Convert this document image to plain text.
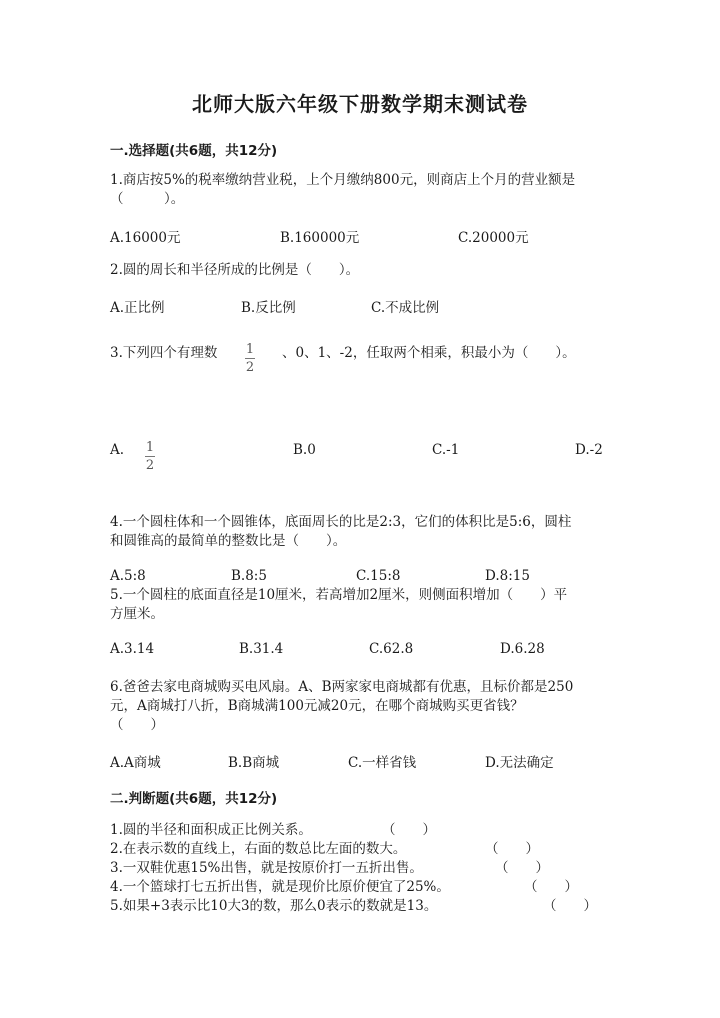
北师大版六年级下册数学期末测试卷
一.选择题(共6题，共12分)
1.商店按5%的税率缴纳营业税，上个月缴纳800元，则商店上个月的营业额是
（　　　）。
A.16000元	B.160000元	C.20000元
2.圆的周长和半径所成的比例是（　　）。
A.正比例	B.反比例	C.不成比例
3.下列四个有理数 $\frac{1}{2}$ 、0、1、-2，任取两个相乘，积最小为（　　）。
A. $\frac{1}{2}$	B.0	C.-1	D.-2
4.一个圆柱体和一个圆锥体，底面周长的比是2:3，它们的体积比是5:6，圆柱
和圆锥高的最简单的整数比是（　　）。
A.5:8	B.8:5	C.15:8	D.8:15
5.一个圆柱的底面直径是10厘米，若高增加2厘米，则侧面积增加（　　）平
方厘米。
A.3.14	B.31.4	C.62.8	D.6.28
6.爸爸去家电商城购买电风扇。A、B两家家电商城都有优惠，且标价都是250
元，A商城打八折，B商城满100元减20元，在哪个商城购买更省钱？
（　　）
A.A商城	B.B商城	C.一样省钱	D.无法确定
二.判断题(共6题，共12分)
1.圆的半径和面积成正比例关系。	（　　）
2.在表示数的直线上，右面的数总比左面的数大。	（　　）
3.一双鞋优惠15%出售，就是按原价打一五折出售。	（　　）
4.一个篮球打七五折出售，就是现价比原价便宜了25%。	（　　）
5.如果+3表示比10大3的数，那么0表示的数就是13。	（　　）
